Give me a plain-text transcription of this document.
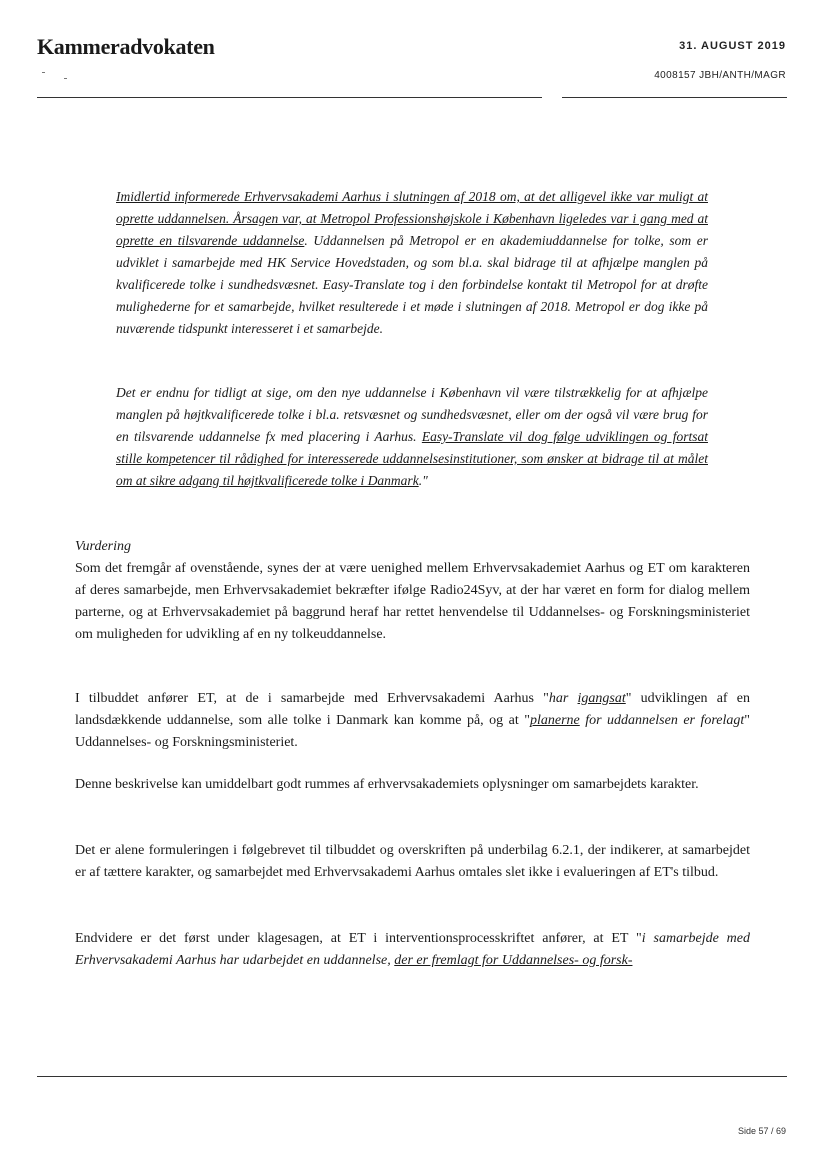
Kammeradvokaten	31. AUGUST 2019
4008157 JBH/ANTH/MAGR

Imidlertid informerede Erhvervsakademi Aarhus i slutningen af 2018 om, at det alligevel ikke var muligt at oprette uddannelsen. Årsagen var, at Metropol Professionshøjskole i København ligeledes var i gang med at oprette en tilsvarende uddannelse. Uddannelsen på Metropol er en akademiuddannelse for tolke, som er udviklet i samarbejde med HK Service Hovedstaden, og som bl.a. skal bidrage til at afhjælpe manglen på kvalificerede tolke i sundhedsvæsnet. Easy-Translate tog i den forbindelse kontakt til Metropol for at drøfte mulighederne for et samarbejde, hvilket resulterede i et møde i slutningen af 2018. Metropol er dog ikke på nuværende tidspunkt interesseret i et samarbejde.

Det er endnu for tidligt at sige, om den nye uddannelse i København vil være tilstrækkelig for at afhjælpe manglen på højtkvalificerede tolke i bl.a. retsvæsnet og sundhedsvæsnet, eller om der også vil være brug for en tilsvarende uddannelse fx med placering i Aarhus. Easy-Translate vil dog følge udviklingen og fortsat stille kompetencer til rådighed for interesserede uddannelsesinstitutioner, som ønsker at bidrage til at målet om at sikre adgang til højtkvalificerede tolke i Danmark."

Vurdering
Som det fremgår af ovenstående, synes der at være uenighed mellem Erhvervsakademiet Aarhus og ET om karakteren af deres samarbejde, men Erhvervsakademiet bekræfter ifølge Radio24Syv, at der har været en form for dialog mellem parterne, og at Erhvervsakademiet på baggrund heraf har rettet henvendelse til Uddannelses- og Forskningsministeriet om muligheden for udvikling af en ny tolkeuddannelse.

I tilbuddet anfører ET, at de i samarbejde med Erhvervsakademi Aarhus "har igangsat" udviklingen af en landsdækkende uddannelse, som alle tolke i Danmark kan komme på, og at "planerne for uddannelsen er forelagt" Uddannelses- og Forskningsministeriet.

Denne beskrivelse kan umiddelbart godt rummes af erhvervsakademiets oplysninger om samarbejdets karakter.

Det er alene formuleringen i følgebrevet til tilbuddet og overskriften på underbilag 6.2.1, der indikerer, at samarbejdet er af tættere karakter, og samarbejdet med Erhvervsakademi Aarhus omtales slet ikke i evalueringen af ET's tilbud.

Endvidere er det først under klagesagen, at ET i interventionsprocesskriftet anfører, at ET "i samarbejde med Erhvervsakademi Aarhus har udarbejdet en uddannelse, der er fremlagt for Uddannelses- og forsk-

Side 57 / 69
